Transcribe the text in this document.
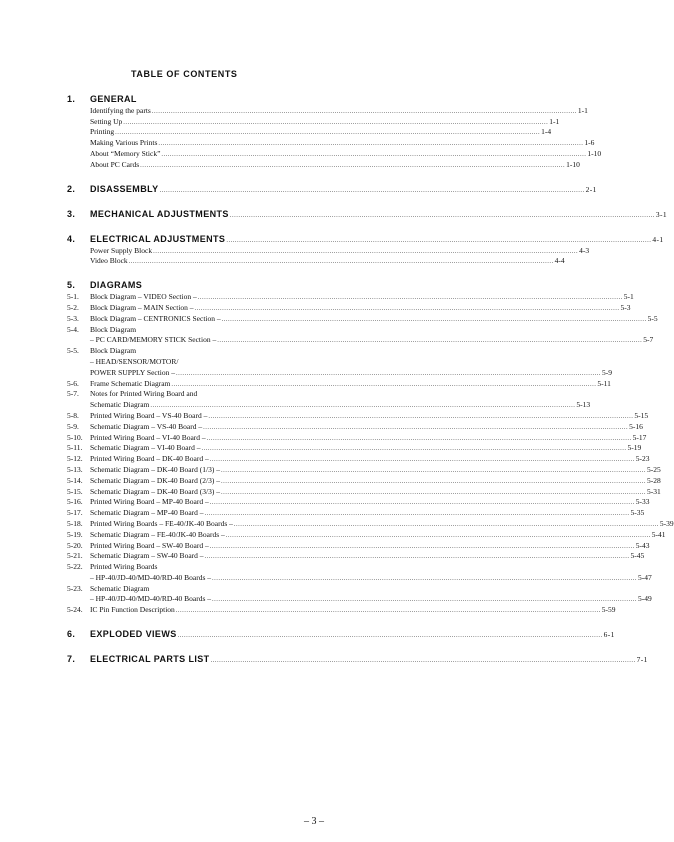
TABLE OF CONTENTS
1.	GENERAL
Identifying the parts ........................................................................................................................................................................................................ 1-1
Setting Up ........................................................................................................................................................................................................ 1-1
Printing ........................................................................................................................................................................................................ 1-4
Making Various Prints ........................................................................................................................................................................................................ 1-6
About “Memory Stick” ........................................................................................................................................................................................................ 1-10
About PC Cards ........................................................................................................................................................................................................ 1-10
2.	DISASSEMBLY ........................................................................................................................................................................................................ 2-1
3.	MECHANICAL ADJUSTMENTS ........................................................................................................................................................................................................ 3-1
4.	ELECTRICAL ADJUSTMENTS ........................................................................................................................................................................................................ 4-1
Power Supply Block ........................................................................................................................................................................................................ 4-3
Video Block ........................................................................................................................................................................................................ 4-4
5.	DIAGRAMS
5-1.	Block Diagram – VIDEO Section – ........................................................................................................................................................................................................ 5-1
5-2.	Block Diagram – MAIN Section – ........................................................................................................................................................................................................ 5-3
5-3.	Block Diagram – CENTRONICS Section – ........................................................................................................................................................................................................ 5-5
5-4.	Block Diagram
– PC CARD/MEMORY STICK Section – ........................................................................................................................................................................................................ 5-7
5-5.	Block Diagram
– HEAD/SENSOR/MOTOR/
POWER SUPPLY Section – ........................................................................................................................................................................................................ 5-9
5-6.	Frame Schematic Diagram ........................................................................................................................................................................................................ 5-11
5-7.	Notes for Printed Wiring Board and
Schematic Diagram ........................................................................................................................................................................................................ 5-13
5-8.	Printed Wiring Board – VS-40 Board – ........................................................................................................................................................................................................ 5-15
5-9.	Schematic Diagram – VS-40 Board – ........................................................................................................................................................................................................ 5-16
5-10. Printed Wiring Board – VI-40 Board – ........................................................................................................................................................................................................ 5-17
5-11.	Schematic Diagram – VI-40 Board – ........................................................................................................................................................................................................ 5-19
5-12. Printed Wiring Board – DK-40 Board – ........................................................................................................................................................................................................ 5-23
5-13. Schematic Diagram – DK-40 Board (1/3) – ........................................................................................................................................................................................................ 5-25
5-14. Schematic Diagram – DK-40 Board (2/3) – ........................................................................................................................................................................................................ 5-28
5-15. Schematic Diagram – DK-40 Board (3/3) – ........................................................................................................................................................................................................ 5-31
5-16. Printed Wiring Board – MP-40 Board – ........................................................................................................................................................................................................ 5-33
5-17. Schematic Diagram – MP-40 Board – ........................................................................................................................................................................................................ 5-35
5-18. Printed Wiring Boards – FE-40/JK-40 Boards – ........................................................................................................................................................................................................ 5-39
5-19. Schematic Diagram – FE-40/JK-40 Boards – ........................................................................................................................................................................................................ 5-41
5-20. Printed Wiring Board – SW-40 Board – ........................................................................................................................................................................................................ 5-43
5-21. Schematic Diagram – SW-40 Board – ........................................................................................................................................................................................................ 5-45
5-22. Printed Wiring Boards
– HP-40/JD-40/MD-40/RD-40 Boards – ........................................................................................................................................................................................................ 5-47
5-23. Schematic Diagram
– HP-40/JD-40/MD-40/RD-40 Boards – ........................................................................................................................................................................................................ 5-49
5-24. IC Pin Function Description ........................................................................................................................................................................................................ 5-59
6.	EXPLODED VIEWS ........................................................................................................................................................................................................ 6-1
7.	ELECTRICAL PARTS LIST ........................................................................................................................................................................................................ 7-1
– 3 –
